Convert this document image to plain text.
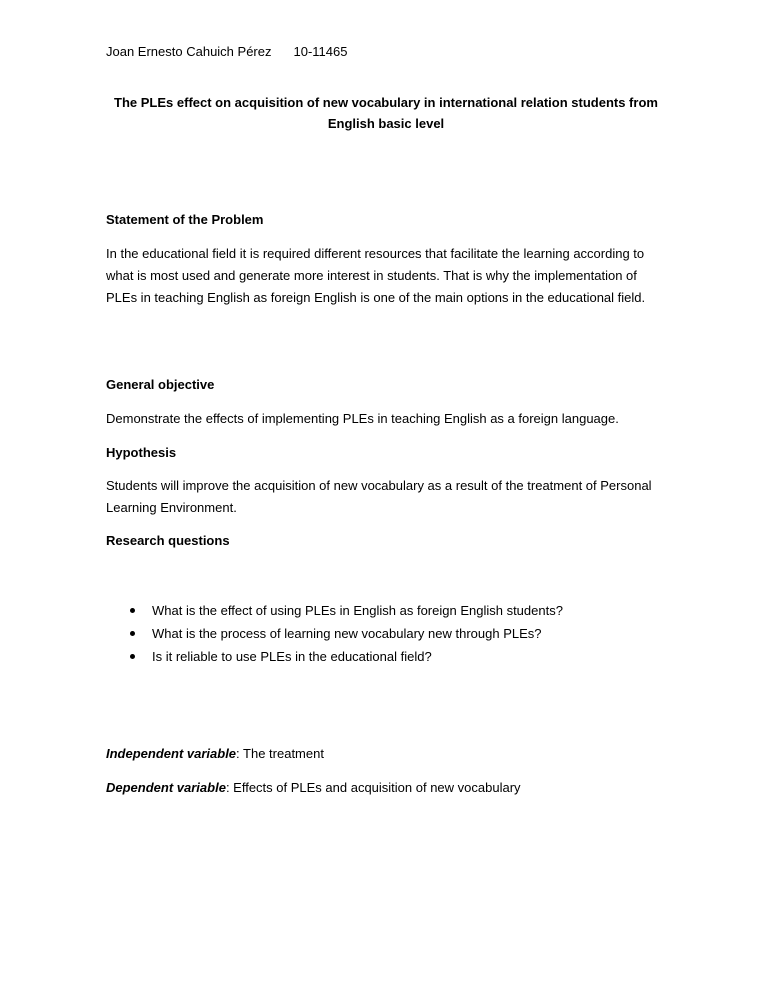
Joan Ernesto Cahuich Pérez 10-11465
The PLEs effect on acquisition of new vocabulary in international relation students from
English basic level
Statement of the Problem
In the educational field it is required different resources that facilitate the learning according to what is most used and generate more interest in students. That is why the implementation of PLEs in teaching English as foreign English is one of the main options in the educational field.
General objective
Demonstrate the effects of implementing PLEs in teaching English as a foreign language.
Hypothesis
Students will improve the acquisition of new vocabulary as a result of the treatment of Personal Learning Environment.
Research questions
What is the effect of using PLEs in English as foreign English students?
What is the process of learning new vocabulary new through PLEs?
Is it reliable to use PLEs in the educational field?
Independent variable: The treatment
Dependent variable: Effects of PLEs and acquisition of new vocabulary
